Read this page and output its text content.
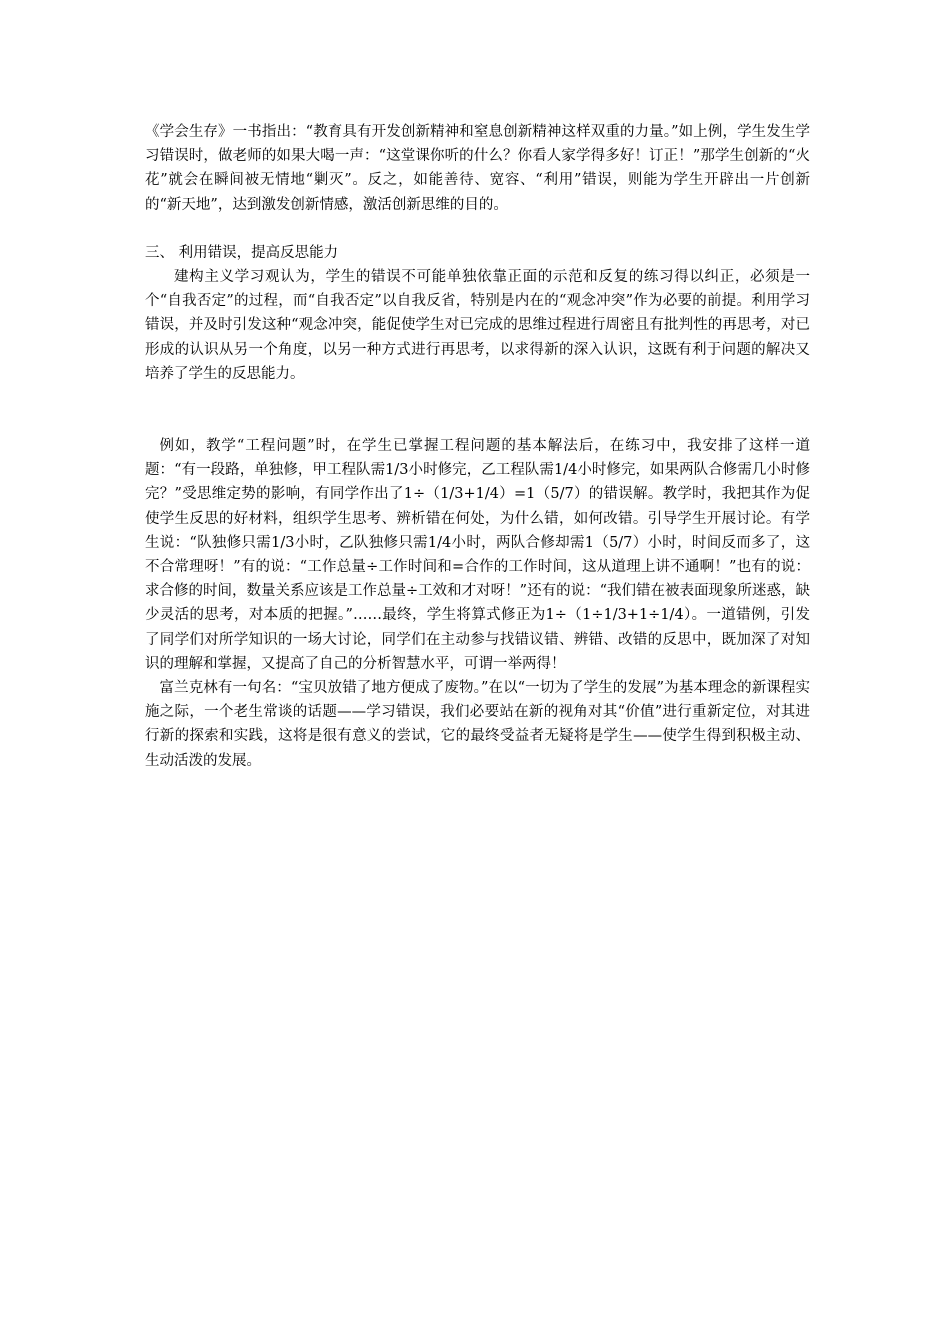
《学会生存》一书指出：“教育具有开发创新精神和窒息创新精神这样双重的力量。”如上例，学生发生学习错误时，做老师的如果大喝一声：“这堂课你听的什么？你看人家学得多好！订正！”那学生创新的“火花”就会在瞬间被无情地“剿灭”。反之，如能善待、宽容、“利用”错误，则能为学生开辟出一片创新的“新天地”，达到激发创新情感，激活创新思维的目的。

三、 利用错误，提高反思能力

建构主义学习观认为，学生的错误不可能单独依靠正面的示范和反复的练习得以纠正，必须是一个“自我否定”的过程，而“自我否定”以自我反省，特别是内在的“观念冲突”作为必要的前提。利用学习错误，并及时引发这种“观念冲突，能促使学生对已完成的思维过程进行周密且有批判性的再思考，对已形成的认识从另一个角度，以另一种方式进行再思考，以求得新的深入认识，这既有利于问题的解决又培养了学生的反思能力。

例如，教学“工程问题”时，在学生已掌握工程问题的基本解法后，在练习中，我安排了这样一道题：“有一段路，单独修，甲工程队需1/3小时修完，乙工程队需1/4小时修完，如果两队合修需几小时修完？”受思维定势的影响，有同学作出了1÷（1/3+1/4）=1（5/7）的错误解。教学时，我把其作为促使学生反思的好材料，组织学生思考、辨析错在何处，为什么错，如何改错。引导学生开展讨论。有学生说：“队独修只需1/3小时，乙队独修只需1/4小时，两队合修却需1（5/7）小时，时间反而多了，这不合常理呀！”有的说：“工作总量÷工作时间和=合作的工作时间，这从道理上讲不通啊！”也有的说：求合修的时间，数量关系应该是工作总量÷工效和才对呀！”还有的说：“我们错在被表面现象所迷惑，缺少灵活的思考，对本质的把握。”……最终，学生将算式修正为1÷（1÷1/3+1÷1/4）。一道错例，引发了同学们对所学知识的一场大讨论，同学们在主动参与找错议错、辨错、改错的反思中，既加深了对知识的理解和掌握，又提高了自己的分析智慧水平，可谓一举两得！

富兰克林有一句名：“宝贝放错了地方便成了废物。”在以“一切为了学生的发展”为基本理念的新课程实施之际，一个老生常谈的话题——学习错误，我们必要站在新的视角对其“价值”进行重新定位，对其进行新的探索和实践，这将是很有意义的尝试，它的最终受益者无疑将是学生——使学生得到积极主动、生动活泼的发展。
